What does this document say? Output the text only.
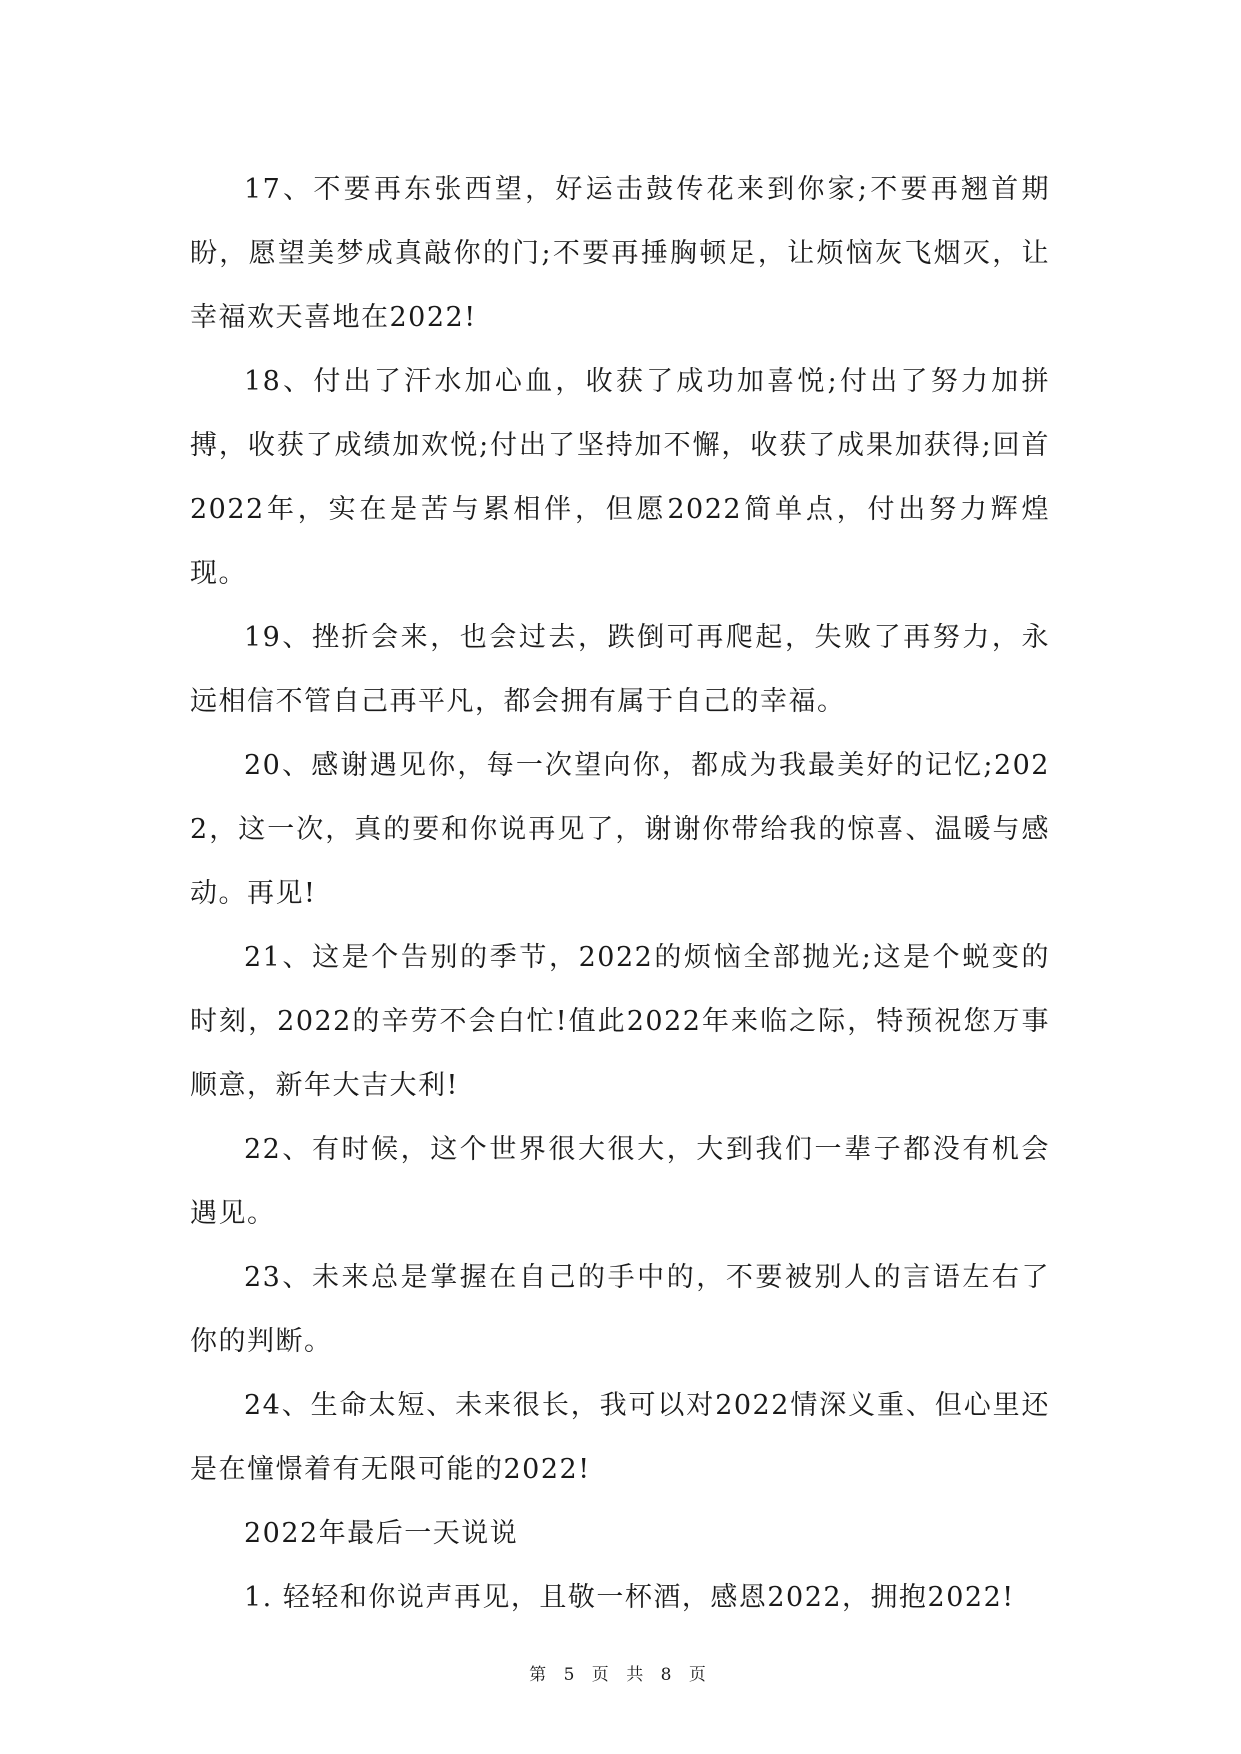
17、不要再东张西望，好运击鼓传花来到你家;不要再翘首期盼，愿望美梦成真敲你的门;不要再捶胸顿足，让烦恼灰飞烟灭，让幸福欢天喜地在2022!

18、付出了汗水加心血，收获了成功加喜悦;付出了努力加拼搏，收获了成绩加欢悦;付出了坚持加不懈，收获了成果加获得;回首2022年，实在是苦与累相伴，但愿2022简单点，付出努力辉煌现。

19、挫折会来，也会过去，跌倒可再爬起，失败了再努力，永远相信不管自己再平凡，都会拥有属于自己的幸福。

20、感谢遇见你，每一次望向你，都成为我最美好的记忆;2022，这一次，真的要和你说再见了，谢谢你带给我的惊喜、温暖与感动。再见!

21、这是个告别的季节，2022的烦恼全部抛光;这是个蜕变的时刻，2022的辛劳不会白忙!值此2022年来临之际，特预祝您万事顺意，新年大吉大利!

22、有时候，这个世界很大很大，大到我们一辈子都没有机会遇见。

23、未来总是掌握在自己的手中的，不要被别人的言语左右了你的判断。

24、生命太短、未来很长，我可以对2022情深义重、但心里还是在憧憬着有无限可能的2022!

2022年最后一天说说

1. 轻轻和你说声再见，且敬一杯酒，感恩2022，拥抱2022!

第 5 页 共 8 页
